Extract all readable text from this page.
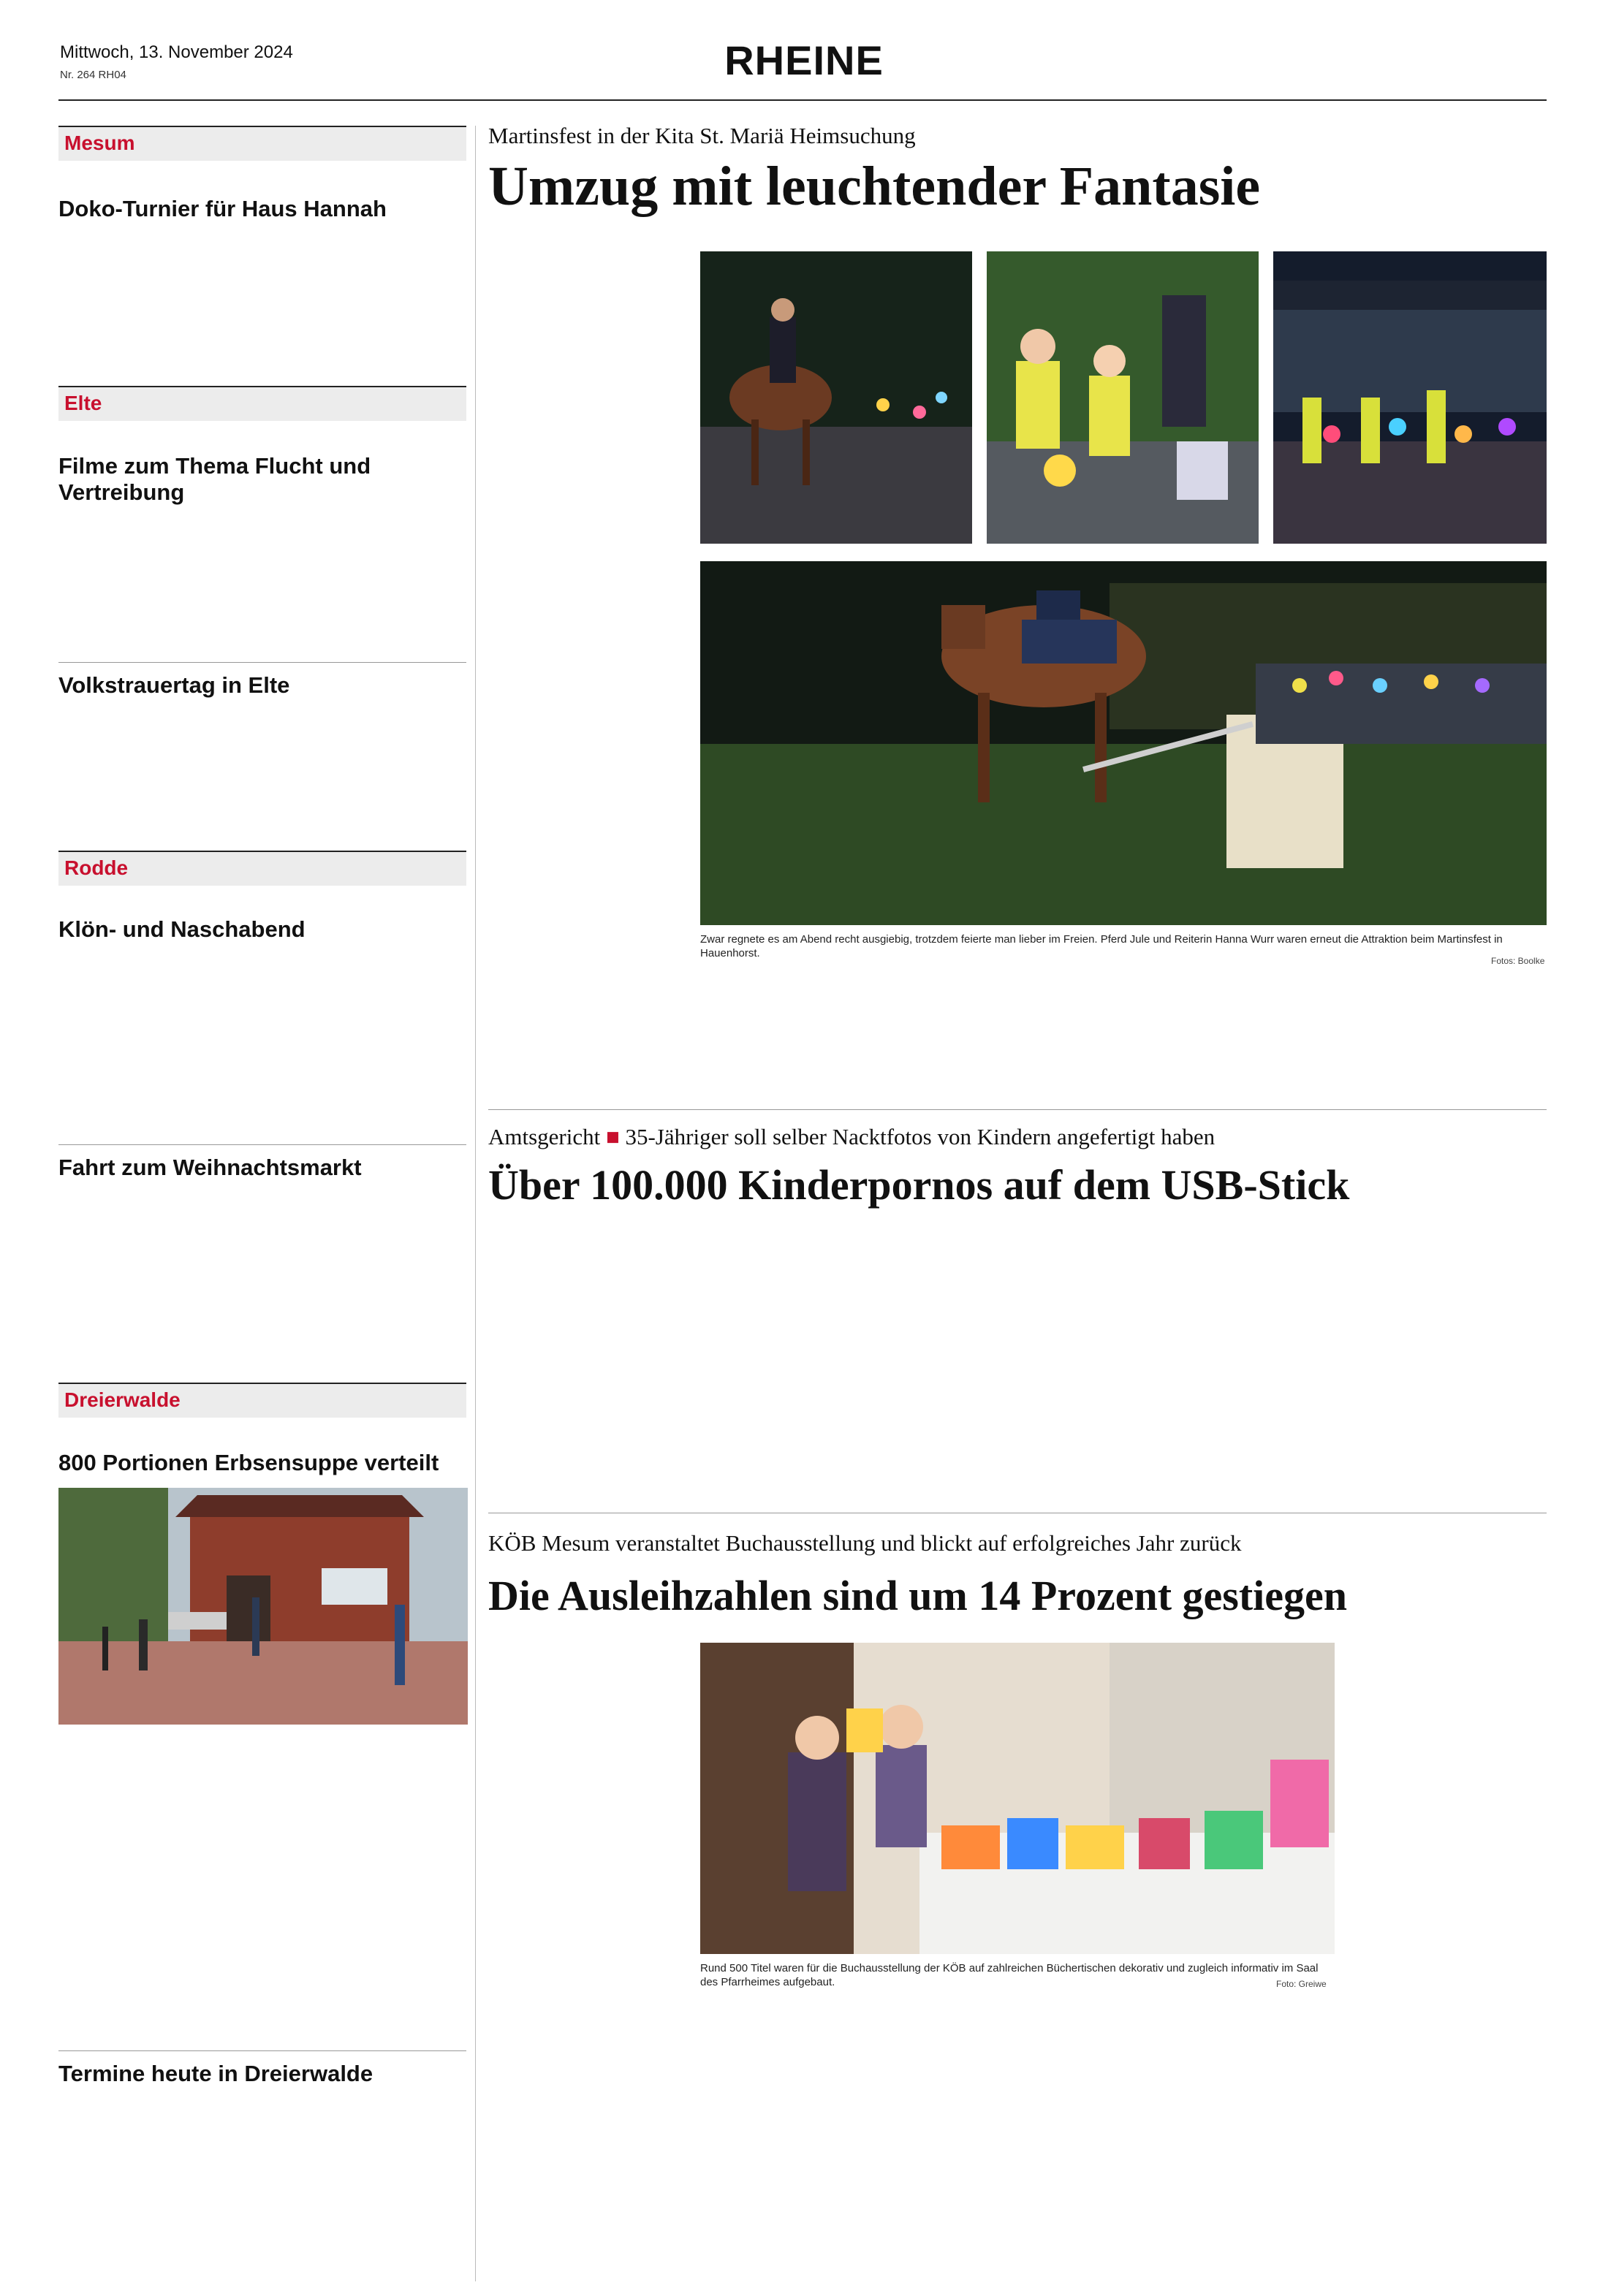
Mittwoch, 13. November 2024
Nr. 264 RH04	RHEINE
Mesum
Doko-Turnier für Haus Hannah
Elte
Filme zum Thema Flucht und Vertreibung
Volkstrauertag in Elte
Rodde
Klön- und Naschabend
Fahrt zum Weihnachtsmarkt
Dreierwalde
800 Portionen Erbsensuppe verteilt
Termine heute in Dreierwalde
Martinsfest in der Kita St. Mariä Heimsuchung
Umzug mit leuchtender Fantasie
Zwar regnete es am Abend recht ausgiebig, trotzdem feierte man lieber im Freien. Pferd Jule und Reiterin Hanna Wurr waren erneut die Attraktion beim Martinsfest in Hauenhorst.
Fotos: Boolke
Amtsgericht ■ 35-Jähriger soll selber Nacktfotos von Kindern angefertigt haben
Über 100.000 Kinderpornos auf dem USB-Stick
KÖB Mesum veranstaltet Buchausstellung und blickt auf erfolgreiches Jahr zurück
Die Ausleihzahlen sind um 14 Prozent gestiegen
Rund 500 Titel waren für die Buchausstellung der KÖB auf zahlreichen Büchertischen dekorativ und zugleich informativ im Saal des Pfarrheimes aufgebaut.	Foto: Greiwe
